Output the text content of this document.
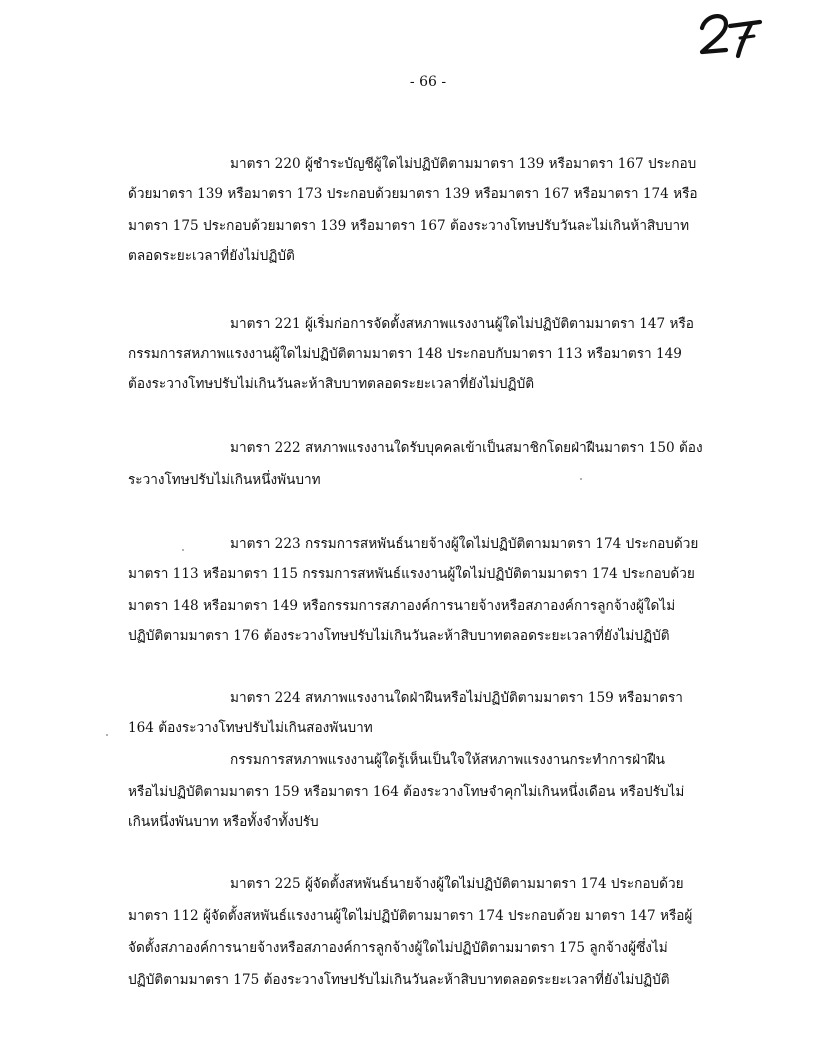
- 66 -
มาตรา 220 ผู้ชำระบัญชีผู้ใดไม่ปฏิบัติตามมาตรา 139 หรือมาตรา 167 ประกอบ
ด้วยมาตรา 139 หรือมาตรา 173 ประกอบด้วยมาตรา 139 หรือมาตรา 167 หรือมาตรา 174 หรือ
มาตรา 175 ประกอบด้วยมาตรา 139 หรือมาตรา 167 ต้องระวางโทษปรับวันละไม่เกินห้าสิบบาท
ตลอดระยะเวลาที่ยังไม่ปฏิบัติ
มาตรา 221 ผู้เริ่มก่อการจัดตั้งสหภาพแรงงานผู้ใดไม่ปฏิบัติตามมาตรา 147 หรือ
กรรมการสหภาพแรงงานผู้ใดไม่ปฏิบัติตามมาตรา 148 ประกอบกับมาตรา 113 หรือมาตรา 149
ต้องระวางโทษปรับไม่เกินวันละห้าสิบบาทตลอดระยะเวลาที่ยังไม่ปฏิบัติ
มาตรา 222 สหภาพแรงงานใดรับบุคคลเข้าเป็นสมาชิกโดยฝ่าฝืนมาตรา 150 ต้อง
ระวางโทษปรับไม่เกินหนึ่งพันบาท
มาตรา 223 กรรมการสหพันธ์นายจ้างผู้ใดไม่ปฏิบัติตามมาตรา 174 ประกอบด้วย
มาตรา 113 หรือมาตรา 115 กรรมการสหพันธ์แรงงานผู้ใดไม่ปฏิบัติตามมาตรา 174 ประกอบด้วย
มาตรา 148 หรือมาตรา 149 หรือกรรมการสภาองค์การนายจ้างหรือสภาองค์การลูกจ้างผู้ใดไม่
ปฏิบัติตามมาตรา 176 ต้องระวางโทษปรับไม่เกินวันละห้าสิบบาทตลอดระยะเวลาที่ยังไม่ปฏิบัติ
มาตรา 224 สหภาพแรงงานใดฝ่าฝืนหรือไม่ปฏิบัติตามมาตรา 159 หรือมาตรา
164 ต้องระวางโทษปรับไม่เกินสองพันบาท
กรรมการสหภาพแรงงานผู้ใดรู้เห็นเป็นใจให้สหภาพแรงงานกระทำการฝ่าฝืน
หรือไม่ปฏิบัติตามมาตรา 159 หรือมาตรา 164 ต้องระวางโทษจำคุกไม่เกินหนึ่งเดือน หรือปรับไม่
เกินหนึ่งพันบาท หรือทั้งจำทั้งปรับ
มาตรา 225 ผู้จัดตั้งสหพันธ์นายจ้างผู้ใดไม่ปฏิบัติตามมาตรา 174 ประกอบด้วย
มาตรา 112 ผู้จัดตั้งสหพันธ์แรงงานผู้ใดไม่ปฏิบัติตามมาตรา 174 ประกอบด้วย มาตรา 147 หรือผู้
จัดตั้งสภาองค์การนายจ้างหรือสภาองค์การลูกจ้างผู้ใดไม่ปฏิบัติตามมาตรา 175 ลูกจ้างผู้ซึ่งไม่
ปฏิบัติตามมาตรา 175 ต้องระวางโทษปรับไม่เกินวันละห้าสิบบาทตลอดระยะเวลาที่ยังไม่ปฏิบัติ
